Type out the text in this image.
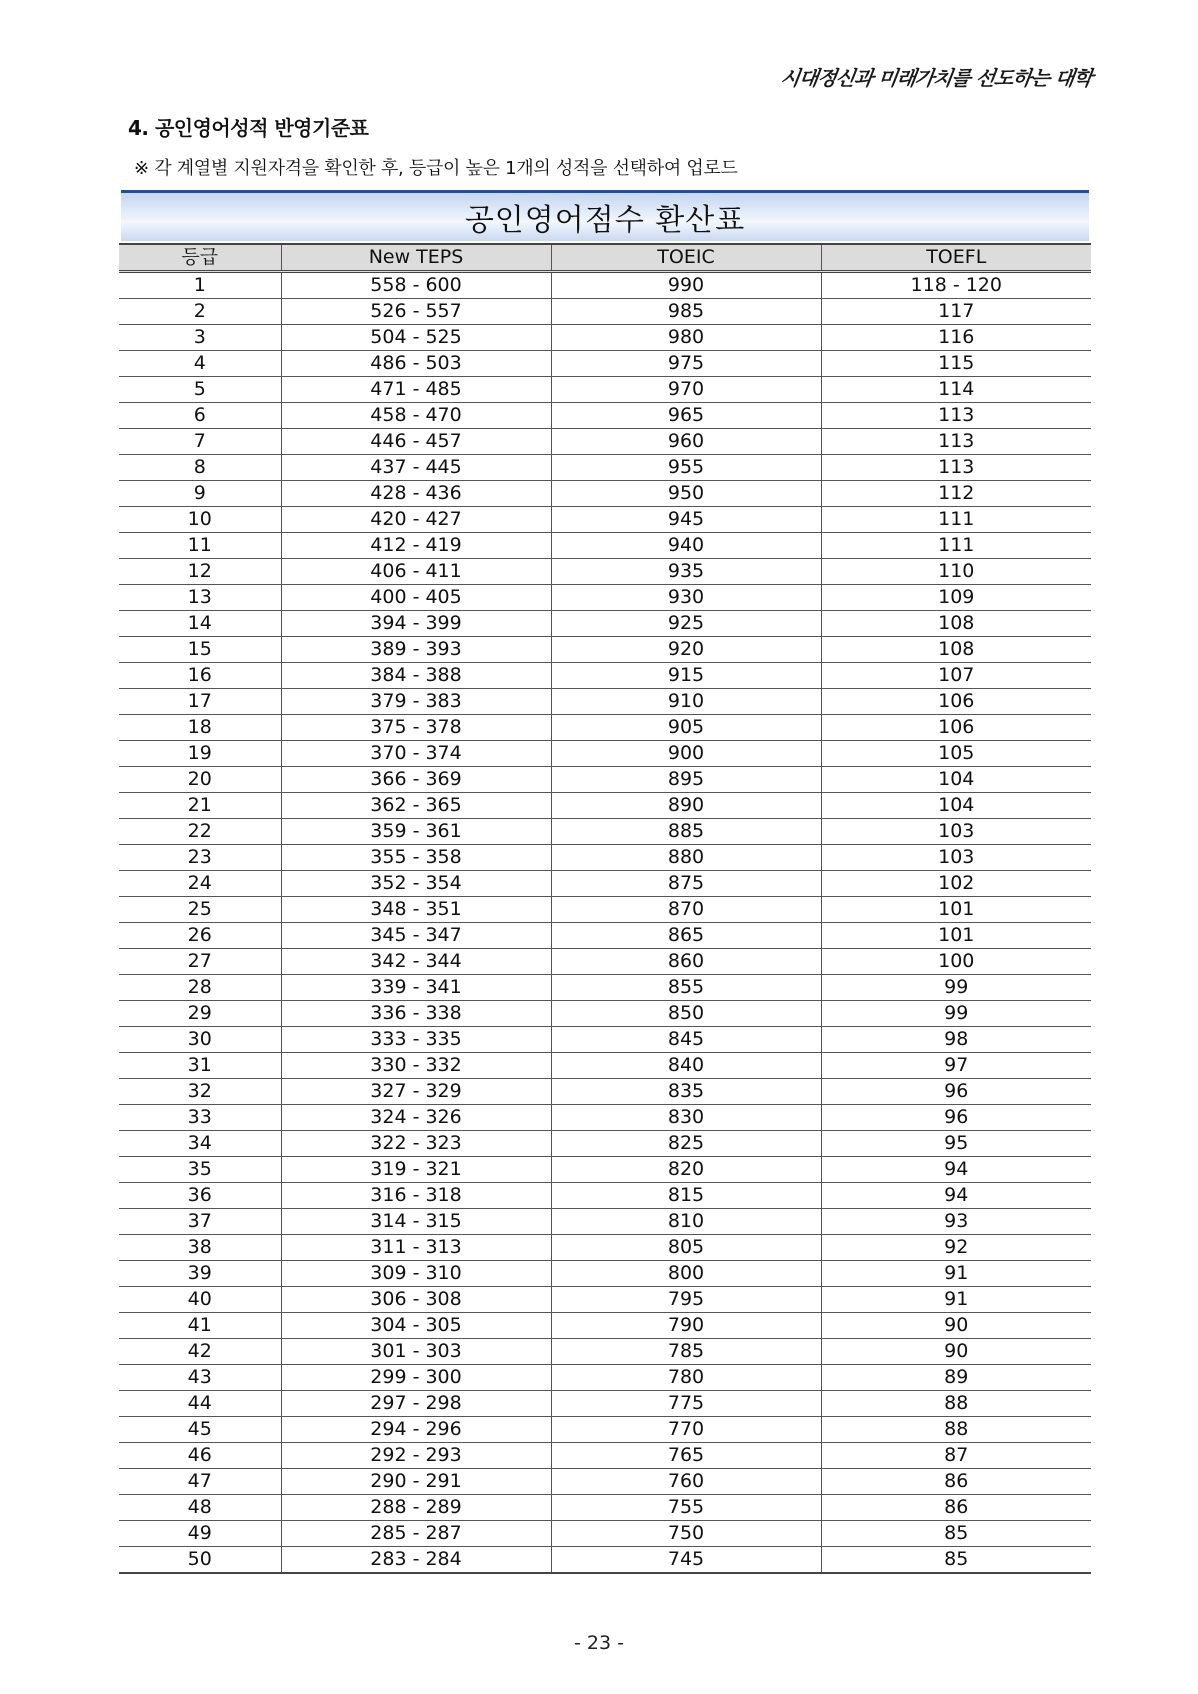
시대정신과 미래가치를 선도하는 대학
4. 공인영어성적 반영기준표
※ 각 계열별 지원자격을 확인한 후, 등급이 높은 1개의 성적을 선택하여 업로드
공인영어점수 환산표
등급	New TEPS	TOEIC	TOEFL
1	558 - 600	990	118 - 120
2	526 - 557	985	117
3	504 - 525	980	116
4	486 - 503	975	115
5	471 - 485	970	114
6	458 - 470	965	113
7	446 - 457	960	113
8	437 - 445	955	113
9	428 - 436	950	112
10	420 - 427	945	111
11	412 - 419	940	111
12	406 - 411	935	110
13	400 - 405	930	109
14	394 - 399	925	108
15	389 - 393	920	108
16	384 - 388	915	107
17	379 - 383	910	106
18	375 - 378	905	106
19	370 - 374	900	105
20	366 - 369	895	104
21	362 - 365	890	104
22	359 - 361	885	103
23	355 - 358	880	103
24	352 - 354	875	102
25	348 - 351	870	101
26	345 - 347	865	101
27	342 - 344	860	100
28	339 - 341	855	99
29	336 - 338	850	99
30	333 - 335	845	98
31	330 - 332	840	97
32	327 - 329	835	96
33	324 - 326	830	96
34	322 - 323	825	95
35	319 - 321	820	94
36	316 - 318	815	94
37	314 - 315	810	93
38	311 - 313	805	92
39	309 - 310	800	91
40	306 - 308	795	91
41	304 - 305	790	90
42	301 - 303	785	90
43	299 - 300	780	89
44	297 - 298	775	88
45	294 - 296	770	88
46	292 - 293	765	87
47	290 - 291	760	86
48	288 - 289	755	86
49	285 - 287	750	85
50	283 - 284	745	85
- 23 -
